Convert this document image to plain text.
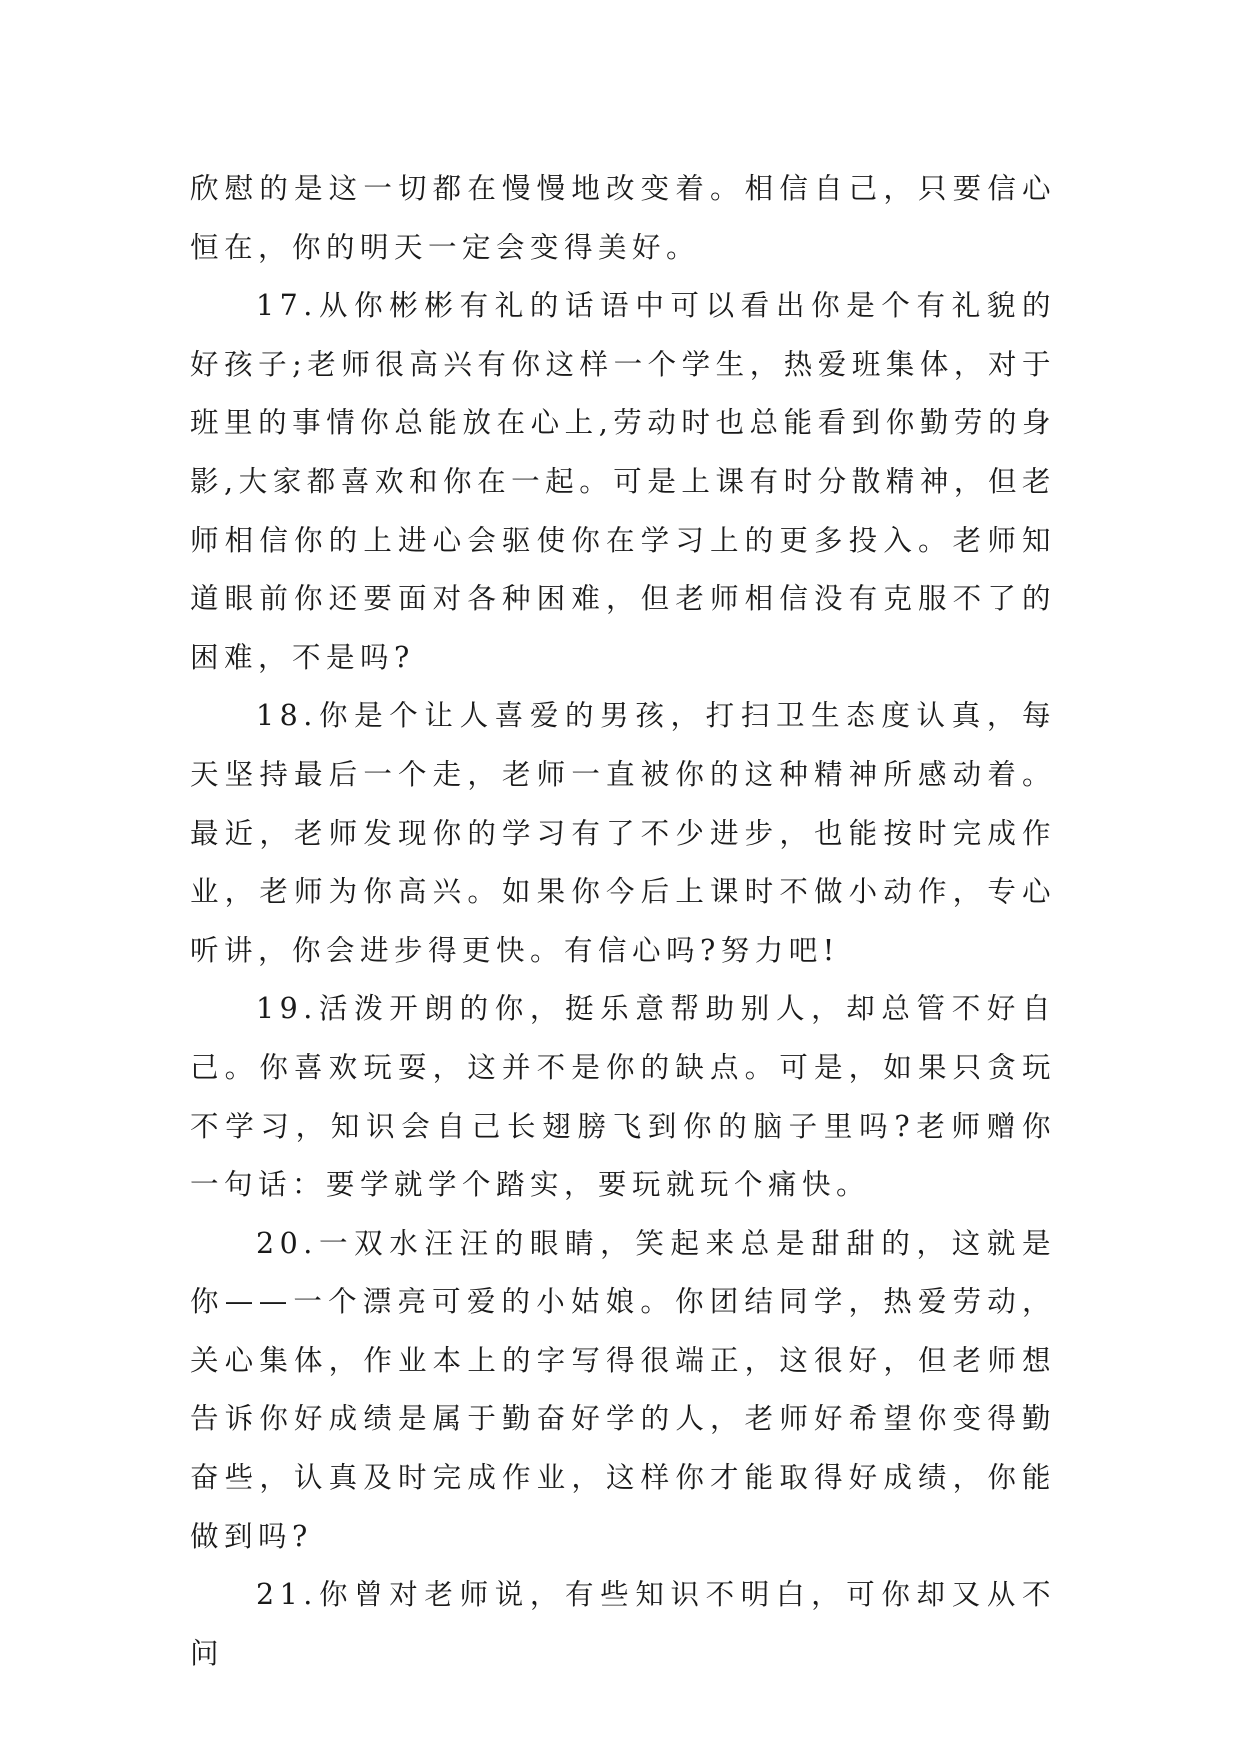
欣慰的是这一切都在慢慢地改变着。相信自己，只要信心恒在，你的明天一定会变得美好。

17.从你彬彬有礼的话语中可以看出你是个有礼貌的好孩子;老师很高兴有你这样一个学生，热爱班集体，对于班里的事情你总能放在心上,劳动时也总能看到你勤劳的身影,大家都喜欢和你在一起。可是上课有时分散精神，但老师相信你的上进心会驱使你在学习上的更多投入。老师知道眼前你还要面对各种困难，但老师相信没有克服不了的困难，不是吗?

18.你是个让人喜爱的男孩，打扫卫生态度认真，每天坚持最后一个走，老师一直被你的这种精神所感动着。最近，老师发现你的学习有了不少进步，也能按时完成作业，老师为你高兴。如果你今后上课时不做小动作，专心听讲，你会进步得更快。有信心吗?努力吧!

19.活泼开朗的你，挺乐意帮助别人，却总管不好自己。你喜欢玩耍，这并不是你的缺点。可是，如果只贪玩不学习，知识会自己长翅膀飞到你的脑子里吗?老师赠你一句话：要学就学个踏实，要玩就玩个痛快。

20.一双水汪汪的眼睛，笑起来总是甜甜的，这就是你——一个漂亮可爱的小姑娘。你团结同学，热爱劳动，关心集体，作业本上的字写得很端正，这很好，但老师想告诉你好成绩是属于勤奋好学的人，老师好希望你变得勤奋些，认真及时完成作业，这样你才能取得好成绩，你能做到吗?

21.你曾对老师说，有些知识不明白，可你却又从不问
